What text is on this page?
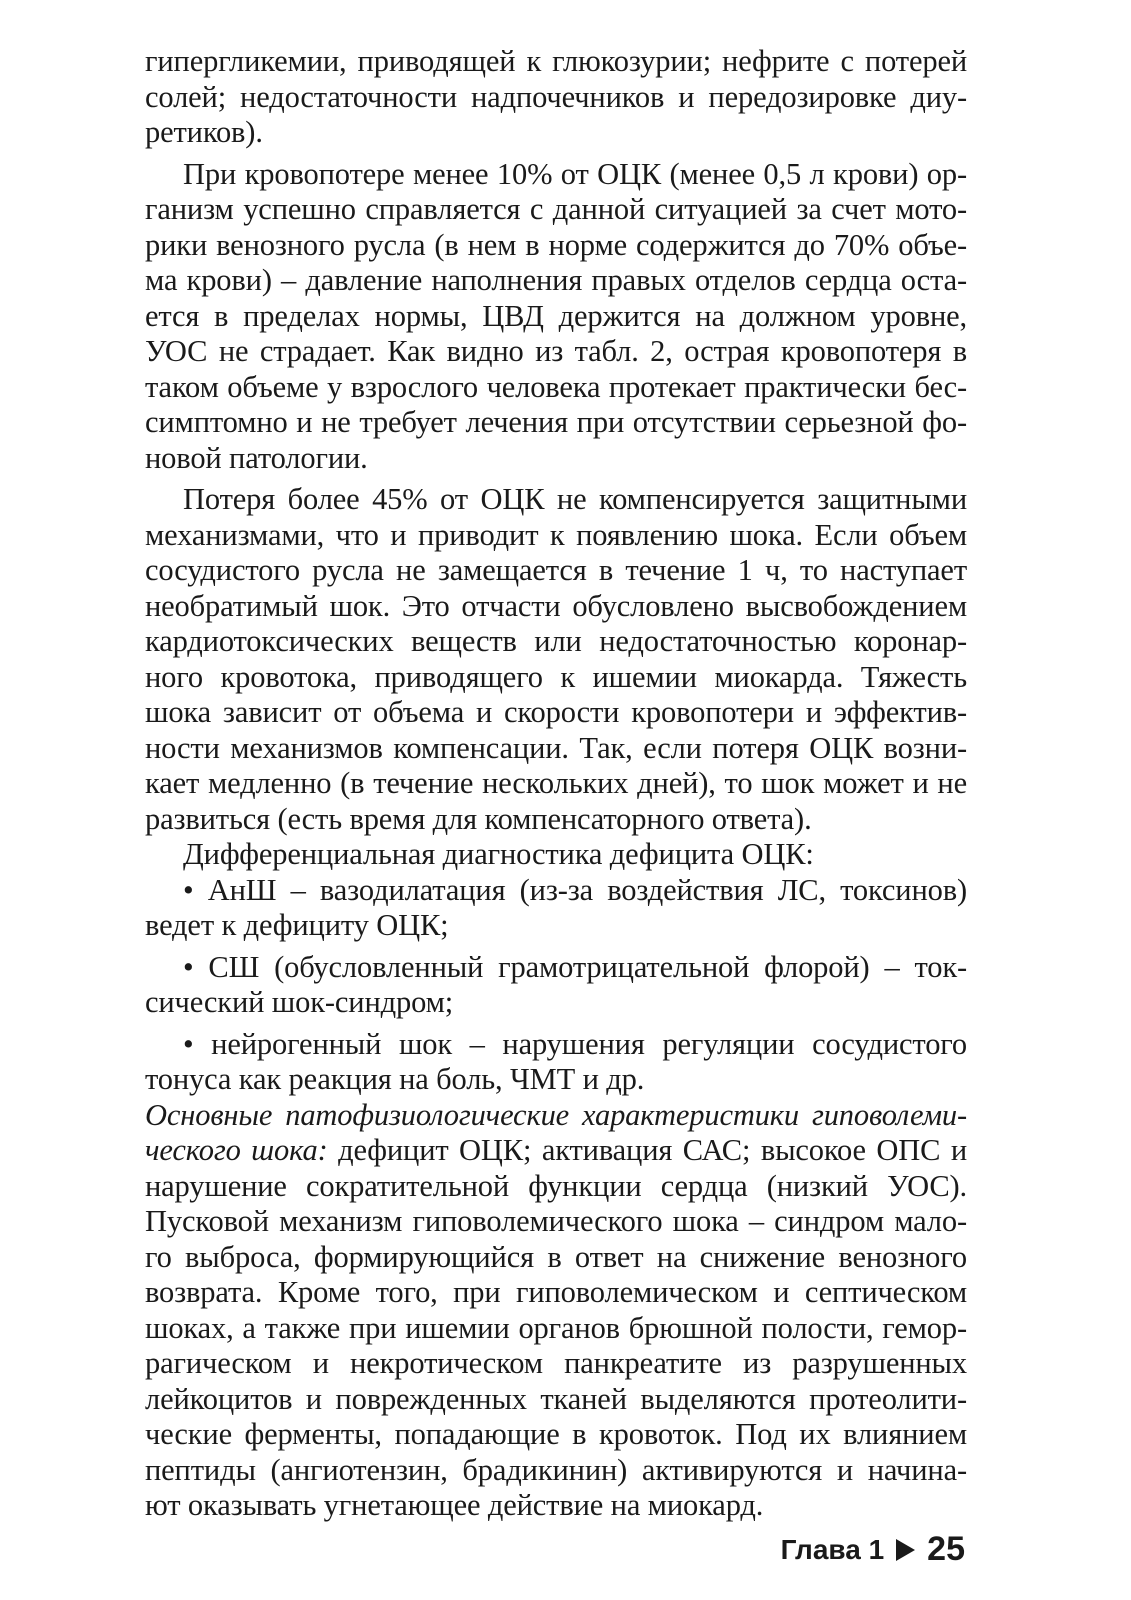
гипергликемии, приводящей к глюкозурии; нефрите с потерей
солей; недостаточности надпочечников и передозировке диу-
ретиков).
При кровопотере менее 10% от ОЦК (менее 0,5 л крови) ор-
ганизм успешно справляется с данной ситуацией за счет мото-
рики венозного русла (в нем в норме содержится до 70% объе-
ма крови) – давление наполнения правых отделов сердца оста-
ется в пределах нормы, ЦВД держится на должном уровне,
УОС не страдает. Как видно из табл. 2, острая кровопотеря в
таком объеме у взрослого человека протекает практически бес-
симптомно и не требует лечения при отсутствии серьезной фо-
новой патологии.
Потеря более 45% от ОЦК не компенсируется защитными
механизмами, что и приводит к появлению шока. Если объем
сосудистого русла не замещается в течение 1 ч, то наступает
необратимый шок. Это отчасти обусловлено высвобождением
кардиотоксических веществ или недостаточностью коронар-
ного кровотока, приводящего к ишемии миокарда. Тяжесть
шока зависит от объема и скорости кровопотери и эффектив-
ности механизмов компенсации. Так, если потеря ОЦК возни-
кает медленно (в течение нескольких дней), то шок может и не
развиться (есть время для компенсаторного ответа).
Дифференциальная диагностика дефицита ОЦК:
• АнШ – вазодилатация (из-за воздействия ЛС, токсинов)
ведет к дефициту ОЦК;
• СШ (обусловленный грамотрицательной флорой) – ток-
сический шок-синдром;
• нейрогенный шок – нарушения регуляции сосудистого
тонуса как реакция на боль, ЧМТ и др.
Основные патофизиологические характеристики гиповолеми-
ческого шока: дефицит ОЦК; активация САС; высокое ОПС и
нарушение сократительной функции сердца (низкий УОС).
Пусковой механизм гиповолемического шока – синдром мало-
го выброса, формирующийся в ответ на снижение венозного
возврата. Кроме того, при гиповолемическом и септическом
шоках, а также при ишемии органов брюшной полости, гемор-
рагическом и некротическом панкреатите из разрушенных
лейкоцитов и поврежденных тканей выделяются протеолити-
ческие ферменты, попадающие в кровоток. Под их влиянием
пептиды (ангиотензин, брадикинин) активируются и начина-
ют оказывать угнетающее действие на миокард.
Глава 1 25
